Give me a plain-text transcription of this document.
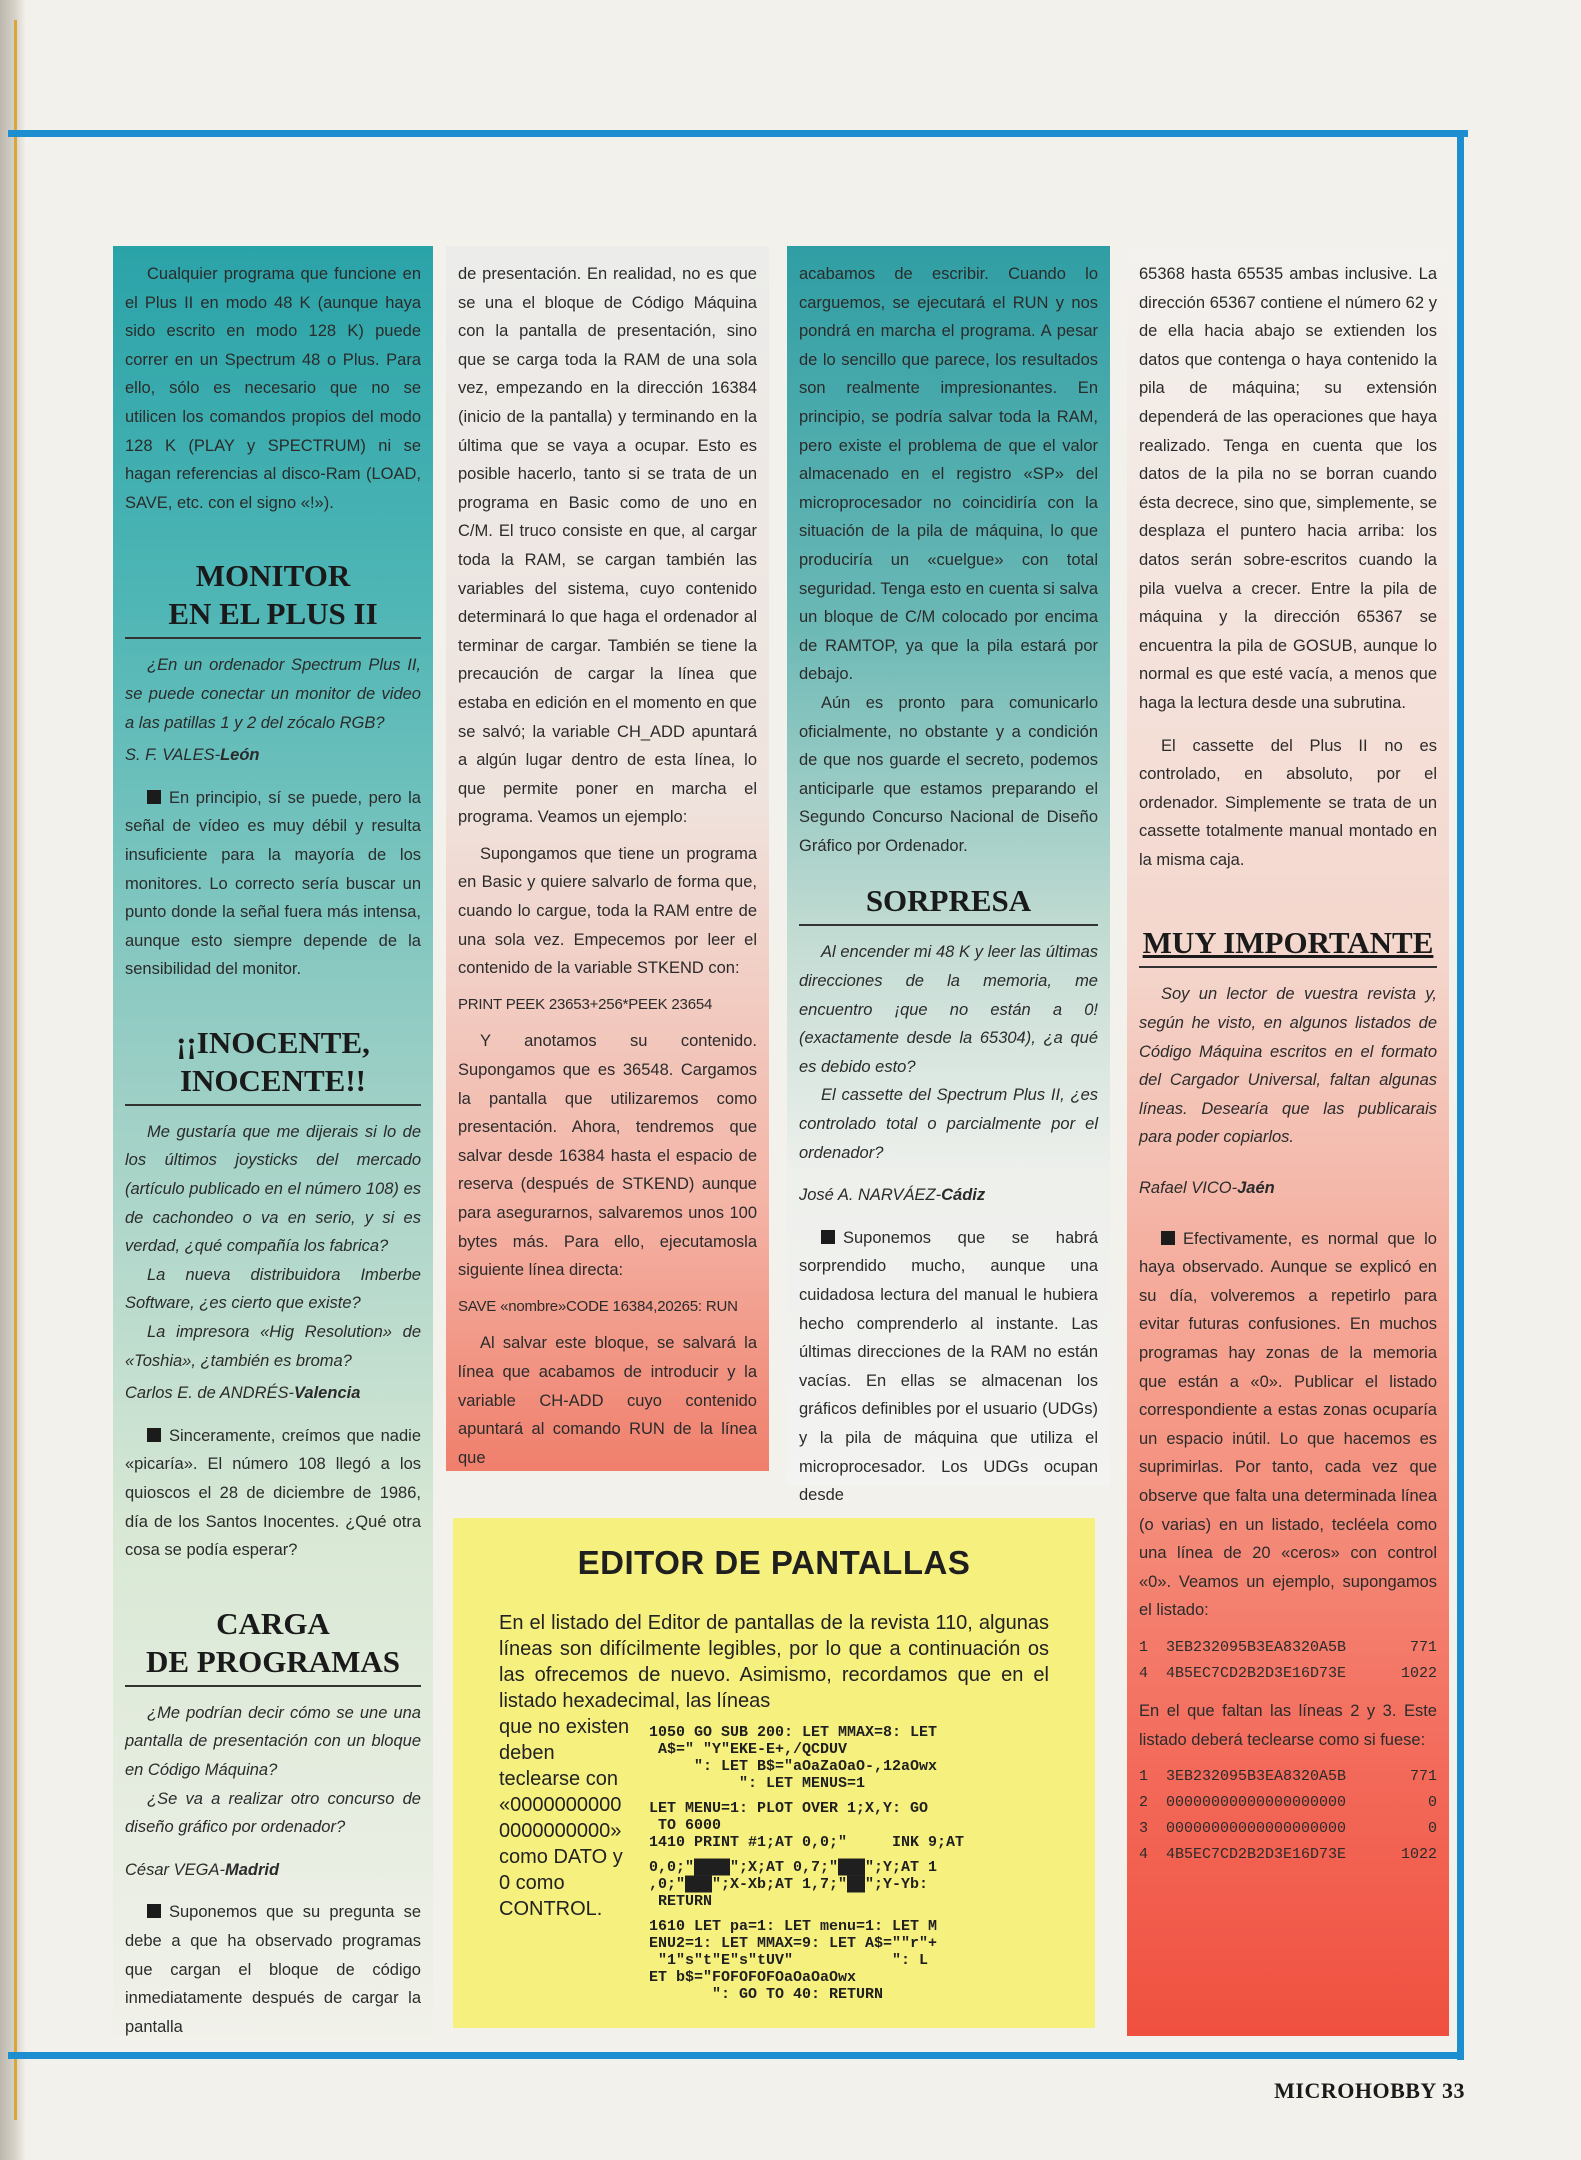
Cualquier programa que funcione en el Plus II en modo 48 K (aunque haya sido escrito en modo 128 K) puede correr en un Spectrum 48 o Plus. Para ello, sólo es necesario que no se utilicen los comandos propios del modo 128 K (PLAY y SPECTRUM) ni se hagan referencias al disco-Ram (LOAD, SAVE, etc. con el signo «!»).

MONITOR
EN EL PLUS II

¿En un ordenador Spectrum Plus II, se puede conectar un monitor de video a las patillas 1 y 2 del zócalo RGB?

S. F. VALES-León

En principio, sí se puede, pero la señal de vídeo es muy débil y resulta insuficiente para la mayoría de los monitores. Lo correcto sería buscar un punto donde la señal fuera más intensa, aunque esto siempre depende de la sensibilidad del monitor.

¡¡INOCENTE,
INOCENTE!!

Me gustaría que me dijerais si lo de los últimos joysticks del mercado (artículo publicado en el número 108) es de cachondeo o va en serio, y si es verdad, ¿qué compañía los fabrica?

La nueva distribuidora Imberbe Software, ¿es cierto que existe?

La impresora «Hig Resolution» de «Toshia», ¿también es broma?

Carlos E. de ANDRÉS-Valencia

Sinceramente, creímos que nadie «picaría». El número 108 llegó a los quioscos el 28 de diciembre de 1986, día de los Santos Inocentes. ¿Qué otra cosa se podía esperar?

CARGA
DE PROGRAMAS

¿Me podrían decir cómo se une una pantalla de presentación con un bloque en Código Máquina?

¿Se va a realizar otro concurso de diseño gráfico por ordenador?

César VEGA-Madrid

Suponemos que su pregunta se debe a que ha observado programas que cargan el bloque de código inmediatamente después de cargar la pantalla

de presentación. En realidad, no es que se una el bloque de Código Máquina con la pantalla de presentación, sino que se carga toda la RAM de una sola vez, empezando en la dirección 16384 (inicio de la pantalla) y terminando en la última que se vaya a ocupar. Esto es posible hacerlo, tanto si se trata de un programa en Basic como de uno en C/M. El truco consiste en que, al cargar toda la RAM, se cargan también las variables del sistema, cuyo contenido determinará lo que haga el ordenador al terminar de cargar. También se tiene la precaución de cargar la línea que estaba en edición en el momento en que se salvó; la variable CH_ADD apuntará a algún lugar dentro de esta línea, lo que permite poner en marcha el programa. Veamos un ejemplo:

Supongamos que tiene un programa en Basic y quiere salvarlo de forma que, cuando lo cargue, toda la RAM entre de una sola vez. Empecemos por leer el contenido de la variable STKEND con:

PRINT PEEK 23653+256*PEEK 23654

Y anotamos su contenido. Supongamos que es 36548. Cargamos la pantalla que utilizaremos como presentación. Ahora, tendremos que salvar desde 16384 hasta el espacio de reserva (después de STKEND) aunque para asegurarnos, salvaremos unos 100 bytes más. Para ello, ejecutamosla siguiente línea directa:

SAVE «nombre»CODE 16384,20265: RUN

Al salvar este bloque, se salvará la línea que acabamos de introducir y la variable CH-ADD cuyo contenido apuntará al comando RUN de la línea que

acabamos de escribir. Cuando lo carguemos, se ejecutará el RUN y nos pondrá en marcha el programa. A pesar de lo sencillo que parece, los resultados son realmente impresionantes. En principio, se podría salvar toda la RAM, pero existe el problema de que el valor almacenado en el registro «SP» del microprocesador no coincidiría con la situación de la pila de máquina, lo que produciría un «cuelgue» con total seguridad. Tenga esto en cuenta si salva un bloque de C/M colocado por encima de RAMTOP, ya que la pila estará por debajo.

Aún es pronto para comunicarlo oficialmente, no obstante y a condición de que nos guarde el secreto, podemos anticiparle que estamos preparando el Segundo Concurso Nacional de Diseño Gráfico por Ordenador.

SORPRESA

Al encender mi 48 K y leer las últimas direcciones de la memoria, me encuentro ¡que no están a 0! (exactamente desde la 65304), ¿a qué es debido esto?

El cassette del Spectrum Plus II, ¿es controlado total o parcialmente por el ordenador?

José A. NARVÁEZ-Cádiz

Suponemos que se habrá sorprendido mucho, aunque una cuidadosa lectura del manual le hubiera hecho comprenderlo al instante. Las últimas direcciones de la RAM no están vacías. En ellas se almacenan los gráficos definibles por el usuario (UDGs) y la pila de máquina que utiliza el microprocesador. Los UDGs ocupan desde

65368 hasta 65535 ambas inclusive. La dirección 65367 contiene el número 62 y de ella hacia abajo se extienden los datos que contenga o haya contenido la pila de máquina; su extensión dependerá de las operaciones que haya realizado. Tenga en cuenta que los datos de la pila no se borran cuando ésta decrece, sino que, simplemente, se desplaza el puntero hacia arriba: los datos serán sobre-escritos cuando la pila vuelva a crecer. Entre la pila de máquina y la dirección 65367 se encuentra la pila de GOSUB, aunque lo normal es que esté vacía, a menos que haga la lectura desde una subrutina.

El cassette del Plus II no es controlado, en absoluto, por el ordenador. Simplemente se trata de un cassette totalmente manual montado en la misma caja.

MUY IMPORTANTE

Soy un lector de vuestra revista y, según he visto, en algunos listados de Código Máquina escritos en el formato del Cargador Universal, faltan algunas líneas. Desearía que las publicarais para poder copiarlos.

Rafael VICO-Jaén

Efectivamente, es normal que lo haya observado. Aunque se explicó en su día, volveremos a repetirlo para evitar futuras confusiones. En muchos programas hay zonas de la memoria que están a «0». Publicar el listado correspondiente a estas zonas ocuparía un espacio inútil. Lo que hacemos es suprimirlas. Por tanto, cada vez que observe que falta una determinada línea (o varias) en un listado, tecléela como una línea de 20 «ceros» con control «0». Veamos un ejemplo, supongamos el listado:

1  3EB232095B3EA8320A5B	771
4  4B5EC7CD2B2D3E16D73E	1022

En el que faltan las líneas 2 y 3. Este listado deberá teclearse como si fuese:

1  3EB232095B3EA8320A5B	771
2  00000000000000000000	0
3  00000000000000000000	0
4  4B5EC7CD2B2D3E16D73E	1022
EDITOR DE PANTALLAS
En el listado del Editor de pantallas de la revista 110, algunas líneas son difícilmente legibles, por lo que a continuación os las ofrecemos de nuevo. Asimismo, recordamos que en el listado hexadecimal, las líneas
que no existen deben teclearse con «0000000000 0000000000» como DATO y 0 como CONTROL.
1050 GO SUB 200: LET MMAX=8: LET
A$=" "Y"EKE-E+,/QCDUV
": LET B$="aOaZaOaO-,12aOwx
": LET MENUS=1
LET MENU=1: PLOT OVER 1;X,Y: GO
TO 6000
1410 PRINT #1;AT 0,0;"     INK 9;AT
0,0;"████";X;AT 0,7;"███";Y;AT 1
,0;"███";X-Xb;AT 1,7;"██";Y-Yb:
RETURN
1610 LET pa=1: LET menu=1: LET M
ENU2=1: LET MMAX=9: LET A$=""r"+
"1"s"t"E"s"tUV"           ": L
ET b$="FOFOFOFOaOaOaOwx
": GO TO 40: RETURN
MICROHOBBY 33
